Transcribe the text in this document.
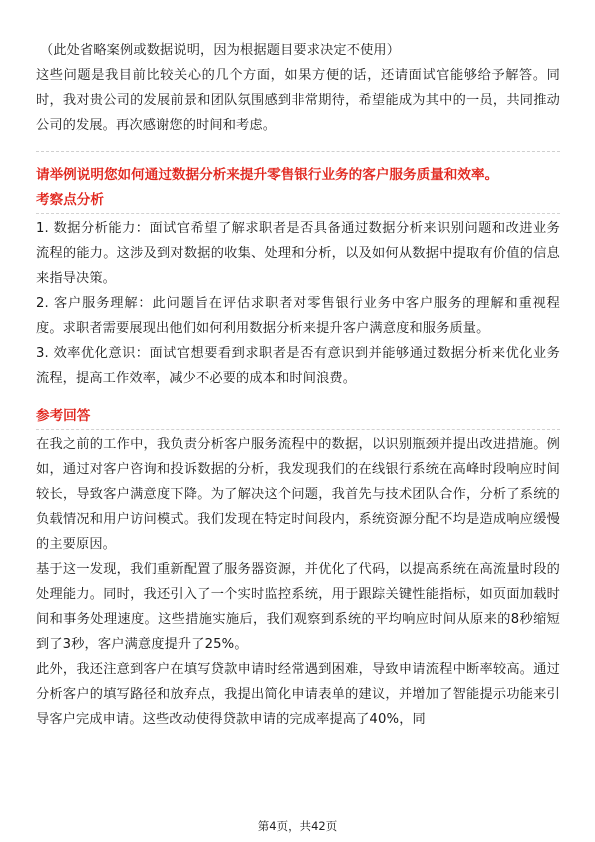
（此处省略案例或数据说明，因为根据题目要求决定不使用）

这些问题是我目前比较关心的几个方面，如果方便的话，还请面试官能够给予解答。同时，我对贵公司的发展前景和团队氛围感到非常期待，希望能成为其中的一员，共同推动公司的发展。再次感谢您的时间和考虑。

请举例说明您如何通过数据分析来提升零售银行业务的客户服务质量和效率。

考察点分析

1. 数据分析能力：面试官希望了解求职者是否具备通过数据分析来识别问题和改进业务流程的能力。这涉及到对数据的收集、处理和分析，以及如何从数据中提取有价值的信息来指导决策。

2. 客户服务理解：此问题旨在评估求职者对零售银行业务中客户服务的理解和重视程度。求职者需要展现出他们如何利用数据分析来提升客户满意度和服务质量。

3. 效率优化意识：面试官想要看到求职者是否有意识到并能够通过数据分析来优化业务流程，提高工作效率，减少不必要的成本和时间浪费。

参考回答

在我之前的工作中，我负责分析客户服务流程中的数据，以识别瓶颈并提出改进措施。例如，通过对客户咨询和投诉数据的分析，我发现我们的在线银行系统在高峰时段响应时间较长，导致客户满意度下降。为了解决这个问题，我首先与技术团队合作，分析了系统的负载情况和用户访问模式。我们发现在特定时间段内，系统资源分配不均是造成响应缓慢的主要原因。

基于这一发现，我们重新配置了服务器资源，并优化了代码，以提高系统在高流量时段的处理能力。同时，我还引入了一个实时监控系统，用于跟踪关键性能指标，如页面加载时间和事务处理速度。这些措施实施后，我们观察到系统的平均响应时间从原来的8秒缩短到了3秒，客户满意度提升了25%。

此外，我还注意到客户在填写贷款申请时经常遇到困难，导致申请流程中断率较高。通过分析客户的填写路径和放弃点，我提出简化申请表单的建议，并增加了智能提示功能来引导客户完成申请。这些改动使得贷款申请的完成率提高了40%，同

第4页，共42页
